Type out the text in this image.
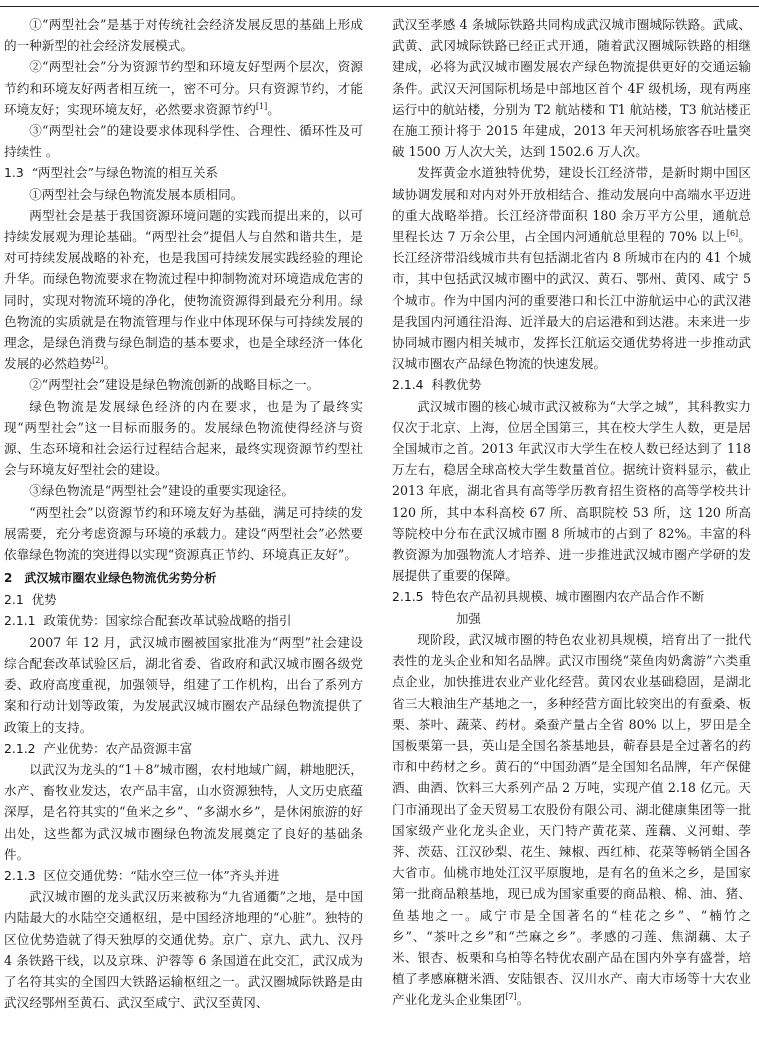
①“两型社会”是基于对传统社会经济发展反思的基础上形成的一种新型的社会经济发展模式。

②“两型社会”分为资源节约型和环境友好型两个层次，资源节约和环境友好两者相互统一，密不可分。只有资源节约，才能环境友好；实现环境友好，必然要求资源节约[1]。

③“两型社会”的建设要求体现科学性、合理性、循环性及可持续性 。

1.3 “两型社会”与绿色物流的相互关系

①两型社会与绿色物流发展本质相同。

两型社会是基于我国资源环境问题的实践而提出来的，以可持续发展观为理论基础。“两型社会”提倡人与自然和谐共生，是对可持续发展战略的补充，也是我国可持续发展实践经验的理论升华。而绿色物流要求在物流过程中抑制物流对环境造成危害的同时，实现对物流环境的净化，使物流资源得到最充分利用。绿色物流的实质就是在物流管理与作业中体现环保与可持续发展的理念，是绿色消费与绿色制造的基本要求，也是全球经济一体化发展的必然趋势[2]。

②“两型社会”建设是绿色物流创新的战略目标之一。

绿色物流是发展绿色经济的内在要求，也是为了最终实现“两型社会”这一目标而服务的。发展绿色物流使得经济与资源、生态环境和社会运行过程结合起来，最终实现资源节约型社会与环境友好型社会的建设。

③绿色物流是“两型社会”建设的重要实现途径。

“两型社会”以资源节约和环境友好为基础，满足可持续的发展需要，充分考虑资源与环境的承载力。建设“两型社会”必然要依靠绿色物流的突进得以实现“资源真正节约、环境真正友好”。

2　武汉城市圈农业绿色物流优劣势分析
2.1 优势
2.1.1 政策优势：国家综合配套改革试验战略的指引

2007 年 12 月，武汉城市圈被国家批准为“两型”社会建设综合配套改革试验区后，湖北省委、省政府和武汉城市圈各级党委、政府高度重视，加强领导，组建了工作机构，出台了系列方案和行动计划等政策，为发展武汉城市圈农产品绿色物流提供了政策上的支持。

2.1.2 产业优势：农产品资源丰富

以武汉为龙头的“1＋8”城市圈，农村地域广阔，耕地肥沃，水产、畜牧业发达，农产品丰富，山水资源独特，人文历史底蕴深厚，是名符其实的“鱼米之乡”、“多湖水乡”，是休闲旅游的好出处，这些都为武汉城市圈绿色物流发展奠定了良好的基础条件。

2.1.3 区位交通优势：“陆水空三位一体”齐头并进

武汉城市圈的龙头武汉历来被称为“九省通衢”之地，是中国内陆最大的水陆空交通枢纽，是中国经济地理的“心脏”。独特的区位优势造就了得天独厚的交通优势。京广、京九、武九、汉丹 4 条铁路干线，以及京珠、沪蓉等 6 条国道在此交汇，武汉成为了名符其实的全国四大铁路运输枢纽之一。武汉圈城际铁路是由武汉经鄂州至黄石、武汉至咸宁、武汉至黄冈、

武汉至孝感 4 条城际铁路共同构成武汉城市圈城际铁路。武咸、武黄、武冈城际铁路已经正式开通，随着武汉圈城际铁路的相继建成，必将为武汉城市圈发展农产绿色物流提供更好的交通运输条件。武汉天河国际机场是中部地区首个 4F 级机场，现有两座运行中的航站楼，分别为 T2 航站楼和 T1 航站楼，T3 航站楼正在施工预计将于 2015 年建成，2013 年天河机场旅客吞吐量突破 1500 万人次大关，达到 1502.6 万人次。

发挥黄金水道独特优势，建设长江经济带，是新时期中国区域协调发展和对内对外开放相结合、推动发展向中高端水平迈进的重大战略举措。长江经济带面积 180 余万平方公里，通航总里程长达 7 万余公里，占全国内河通航总里程的 70% 以上[6]。长江经济带沿线城市共有包括湖北省内 8 所城市在内的 41 个城市，其中包括武汉城市圈中的武汉、黄石、鄂州、黄冈、咸宁 5 个城市。作为中国内河的重要港口和长江中游航运中心的武汉港是我国内河通往沿海、近洋最大的启运港和到达港。未来进一步协同城市圈内相关城市，发挥长江航运交通优势将进一步推动武汉城市圈农产品绿色物流的快速发展。

2.1.4 科教优势

武汉城市圈的核心城市武汉被称为“大学之城”，其科教实力仅次于北京、上海，位居全国第三，其在校大学生人数，更是居全国城市之首。2013 年武汉市大学生在校人数已经达到了 118 万左右，稳居全球高校大学生数量首位。据统计资料显示，截止 2013 年底，湖北省具有高等学历教育招生资格的高等学校共计 120 所，其中本科高校 67 所、高职院校 53 所，这 120 所高等院校中分布在武汉城市圈 8 所城市的占到了 82%。丰富的科教资源为加强物流人才培养、进一步推进武汉城市圈产学研的发展提供了重要的保障。

2.1.5 特色农产品初具规模、城市圈圈内农产品合作不断
加强

现阶段，武汉城市圈的特色农业初具规模，培育出了一批代表性的龙头企业和知名品牌。武汉市围绕“菜鱼肉奶禽游”六类重点企业，加快推进农业产业化经营。黄冈农业基础稳固，是湖北省三大粮油生产基地之一，多种经营方面比较突出的有蚕桑、板栗、茶叶、蔬菜、药材。桑蚕产量占全省 80% 以上，罗田是全国板栗第一县，英山是全国名茶基地县，蕲春县是全过著名的药市和中药材之乡。黄石的“中国劲酒”是全国知名品牌，年产保健酒、曲酒、饮料三大系列产品 2 万吨，实现产值 2.18 亿元。天门市涌现出了金天贸易工农股份有限公司、湖北健康集团等一批国家级产业化龙头企业，天门特产黄花菜、莲藕、义河蚶、荸荠、茨菇、江汉砂梨、花生、辣椒、西红柿、花菜等畅销全国各大省市。仙桃市地处江汉平原腹地，是有名的鱼米之乡，是国家第一批商品粮基地，现已成为国家重要的商品粮、棉、油、猪、鱼基地之一。咸宁市是全国著名的“桂花之乡”、“楠竹之乡”、“茶叶之乡”和“苎麻之乡”。孝感的刁莲、焦湖藕、太子米、银杏、板栗和乌柏等名特优农副产品在国内外享有盛誉，培植了孝感麻糖米酒、安陆银杏、汉川水产、南大市场等十大农业产业化龙头企业集团[7]。
